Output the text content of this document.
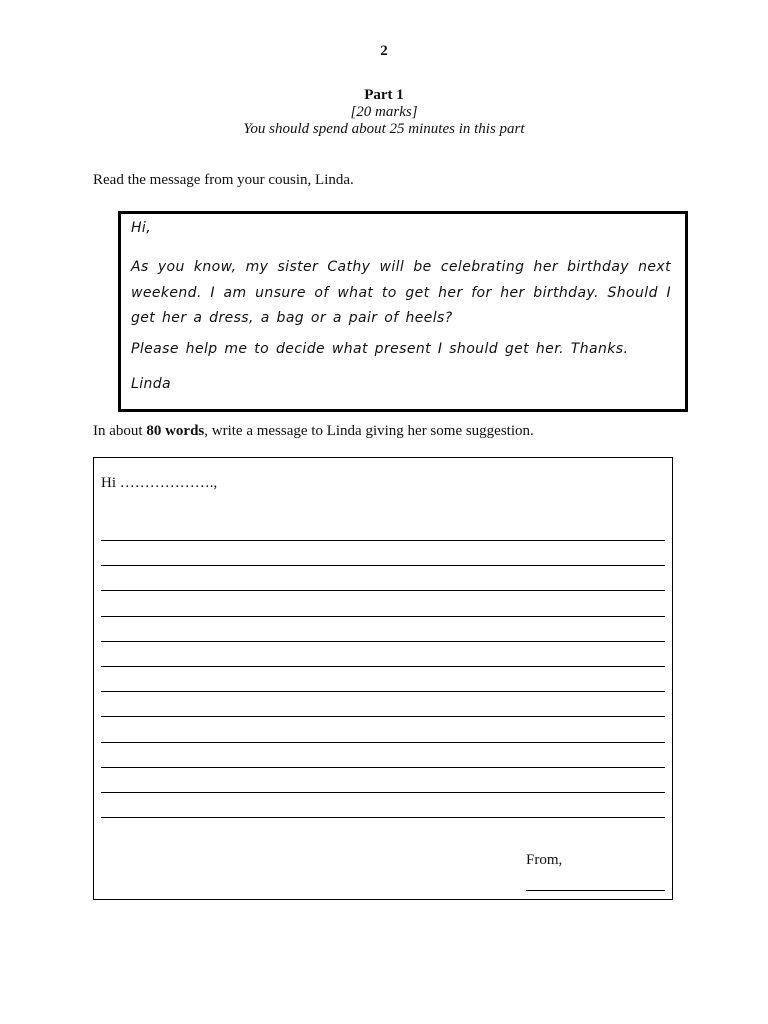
2
Part 1
[20 marks]
You should spend about 25 minutes in this part
Read the message from your cousin, Linda.
Hi,
As you know, my sister Cathy will be celebrating her birthday next weekend. I am unsure of what to get her for her birthday. Should I get her a dress, a bag or a pair of heels?
Please help me to decide what present I should get her. Thanks.
Linda
In about 80 words, write a message to Linda giving her some suggestion.
Hi ……………….,
From,
